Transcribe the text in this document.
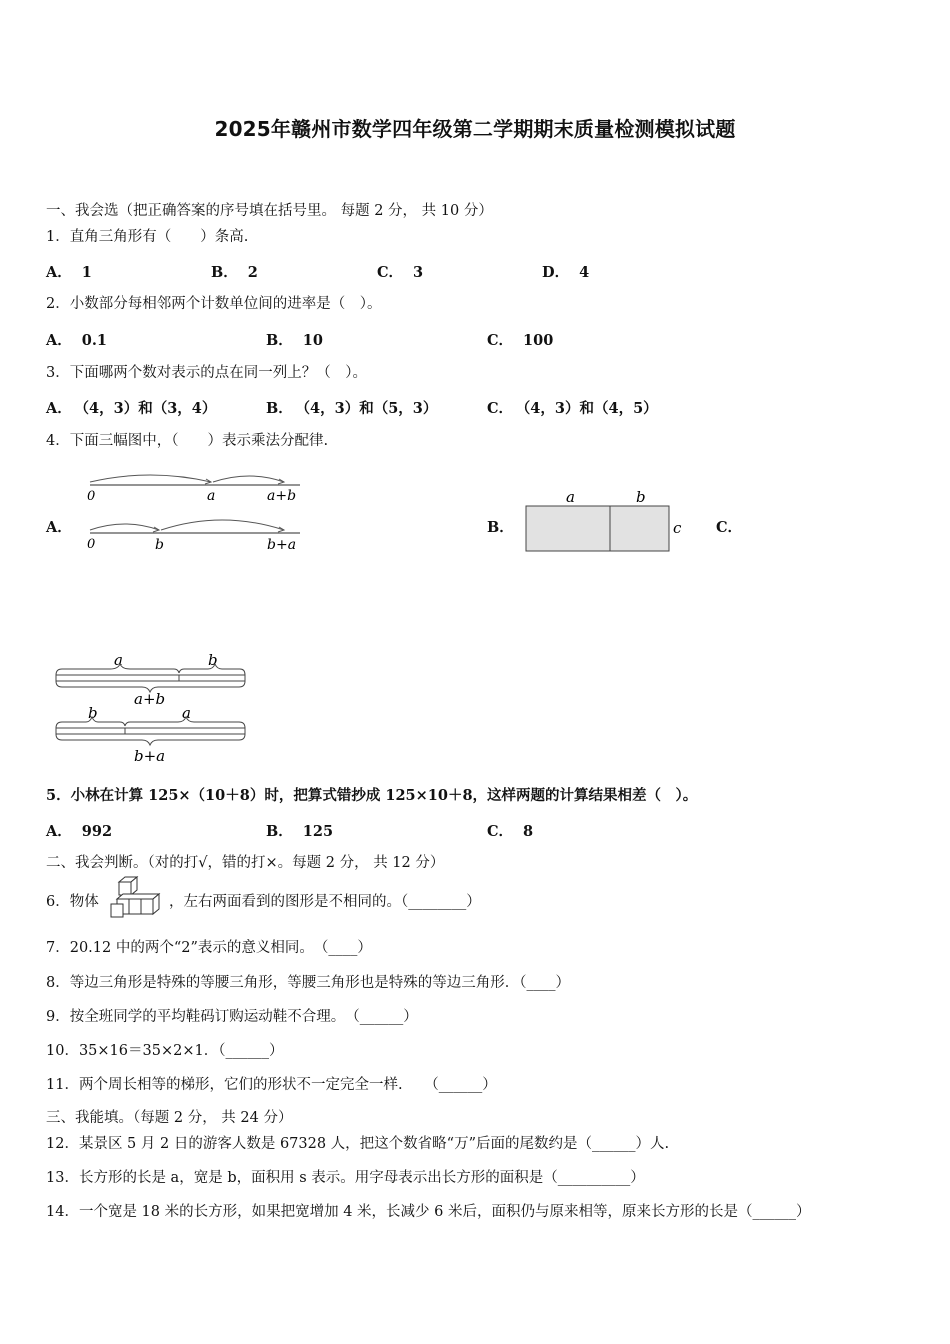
2025年赣州市数学四年级第二学期期末质量检测模拟试题
一、我会选（把正确答案的序号填在括号里。 每题 2 分， 共 10 分）
1．直角三角形有（　　）条高.
A． 1	B． 2	C． 3	D． 4
2．小数部分每相邻两个计数单位间的进率是（　）。
A． 0.1	B． 10	C． 100
3．下面哪两个数对表示的点在同一列上？（　）。
A． （4，3）和（3，4）	B． （4，3）和（5，3）	C． （4，3）和（4，5）
4．下面三幅图中，（　　）表示乘法分配律.
A．
0	a	a+b
0	b	b+a
B．
a	b
c C．
a	b
a+b
b	a
b+a
5．小林在计算 125×（10＋8）时，把算式错抄成 125×10＋8，这样两题的计算结果相差（　）。
A． 992	B． 125	C． 8
二、我会判断。（对的打√，错的打×。每题 2 分， 共 12 分）
6．物体	，左右两面看到的图形是不相同的。（________）
7．20.12 中的两个“2”表示的意义相同。　（____）
8．等边三角形是特殊的等腰三角形，等腰三角形也是特殊的等边三角形．（____）
9．按全班同学的平均鞋码订购运动鞋不合理。　（______）
10．35×16＝35×2×1．（______）
11．两个周长相等的梯形，它们的形状不一定完全一样.　　（______）
三、我能填。（每题 2 分， 共 24 分）
12．某景区 5 月 2 日的游客人数是 67328 人，把这个数省略“万”后面的尾数约是（______）人.
13．长方形的长是 a，宽是 b，面积用 s 表示。用字母表示出长方形的面积是（__________）
14．一个宽是 18 米的长方形，如果把宽增加 4 米，长减少 6 米后，面积仍与原来相等，原来长方形的长是（______）
